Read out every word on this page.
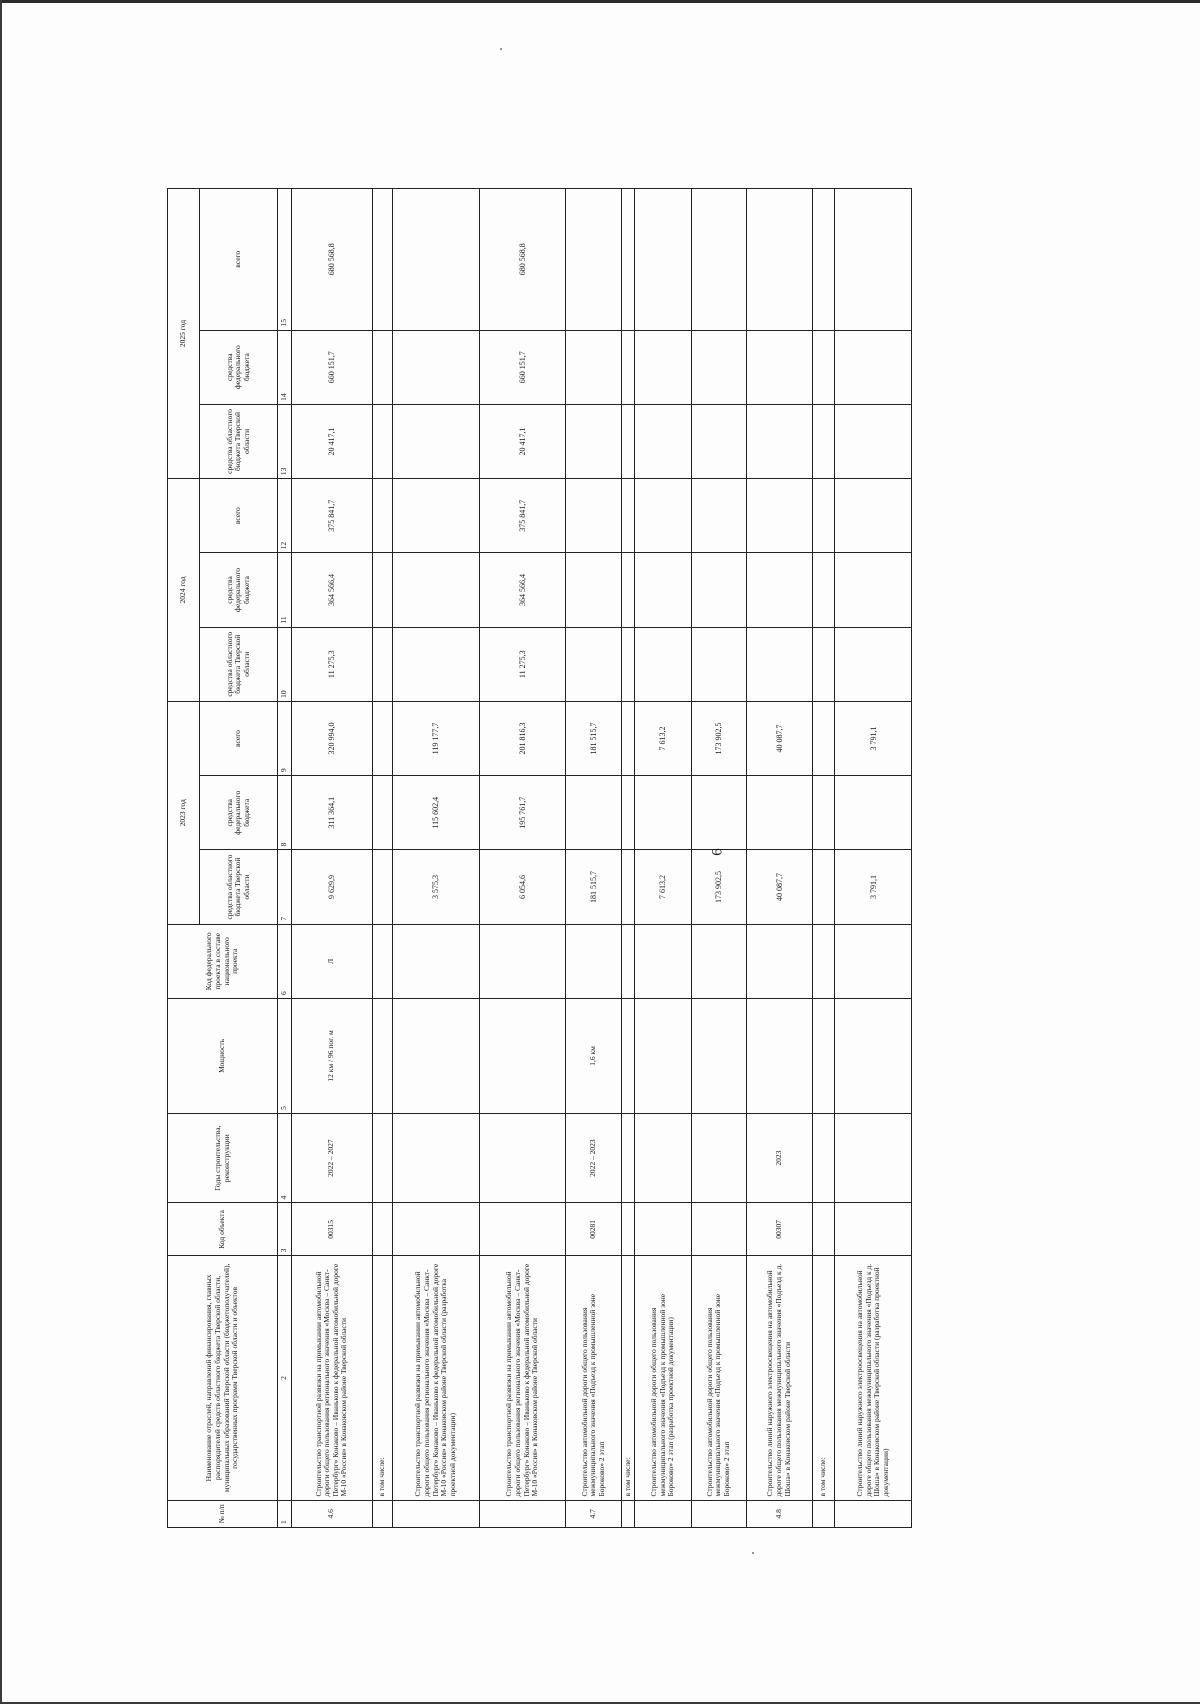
6
№ п/п	Наименование отраслей, направлений финансирования, главных распорядителей средств областного бюджета Тверской области, муниципальных образований Тверской области (бюджетополучателей), государственных программ Тверской области и объектов	Код объекта	Годы строительства, реконструкции	Мощность	Код федерального проекта в составе национального проекта	2023 год			2024 год			2025 год		
						средства областного бюджета Тверской области	средства федерального бюджета	всего	средства областного бюджета Тверской области	средства федерального бюджета	всего	средства областного бюджета Тверской области	средства федерального бюджета	всего
1	2	3	4	5	6	7	8	9	10	11	12	13	14	15
4.6	Строительство транспортной развязки на примыкании автомобильной дороги общего пользования регионального значения «Москва – Санкт-Петербург» Конаково – Иваньково к федеральной автомобильной дороге М-10 «Россия» в Конаковском районе Тверской области	00315	2022 – 2027	12 км / 96 пог. м	Л	9 629,9	311 364,1	320 994,0	11 275,3	364 566,4	375 841,7	20 417,1	660 151,7	680 568,8
	в том числе:													
	Строительство транспортной развязки на примыкании автомобильной дороги общего пользования регионального значения «Москва – Санкт-Петербург» Конаково – Иваньково к федеральной автомобильной дороге М-10 «Россия» в Конаковском районе Тверской области (разработка проектной документации)					3 575,3	115 602,4	119 177,7						
	Строительство транспортной развязки на примыкании автомобильной дороги общего пользования регионального значения «Москва – Санкт-Петербург» Конаково – Иваньково к федеральной автомобильной дороге М-10 «Россия» в Конаковском районе Тверской области					6 054,6	195 761,7	201 816,3	11 275,3	364 566,4	375 841,7	20 417,1	660 151,7	680 568,8
4.7	Строительство автомобильной дороги общего пользования межмуниципального значения «Подъезд к промышленной зоне Бороково» 2 этап	00281	2022 – 2023	1,6 км		181 515,7		181 515,7						
	в том числе:													
	Строительство автомобильной дороги общего пользования межмуниципального значения «Подъезд к промышленной зоне Бороково» 2 этап (разработка проектной документации)					7 613,2		7 613,2						
	Строительство автомобильной дороги общего пользования межмуниципального значения «Подъезд к промышленной зоне Бороково» 2 этап					173 902,5		173 902,5						
4.8	Строительство линий наружного электроосвещения на автомобильной дороге общего пользования межмуниципального значения «Подъезд к д. Шоша» в Конаковском районе Тверской области	00307	2023			40 087,7		40 087,7						
	в том числе:													
	Строительство линий наружного электроосвещения на автомобильной дороге общего пользования межмуниципального значения «Подъезд к д. Шоша» в Конаковском районе Тверской области (разработка проектной документации)					3 791,1		3 791,1						
